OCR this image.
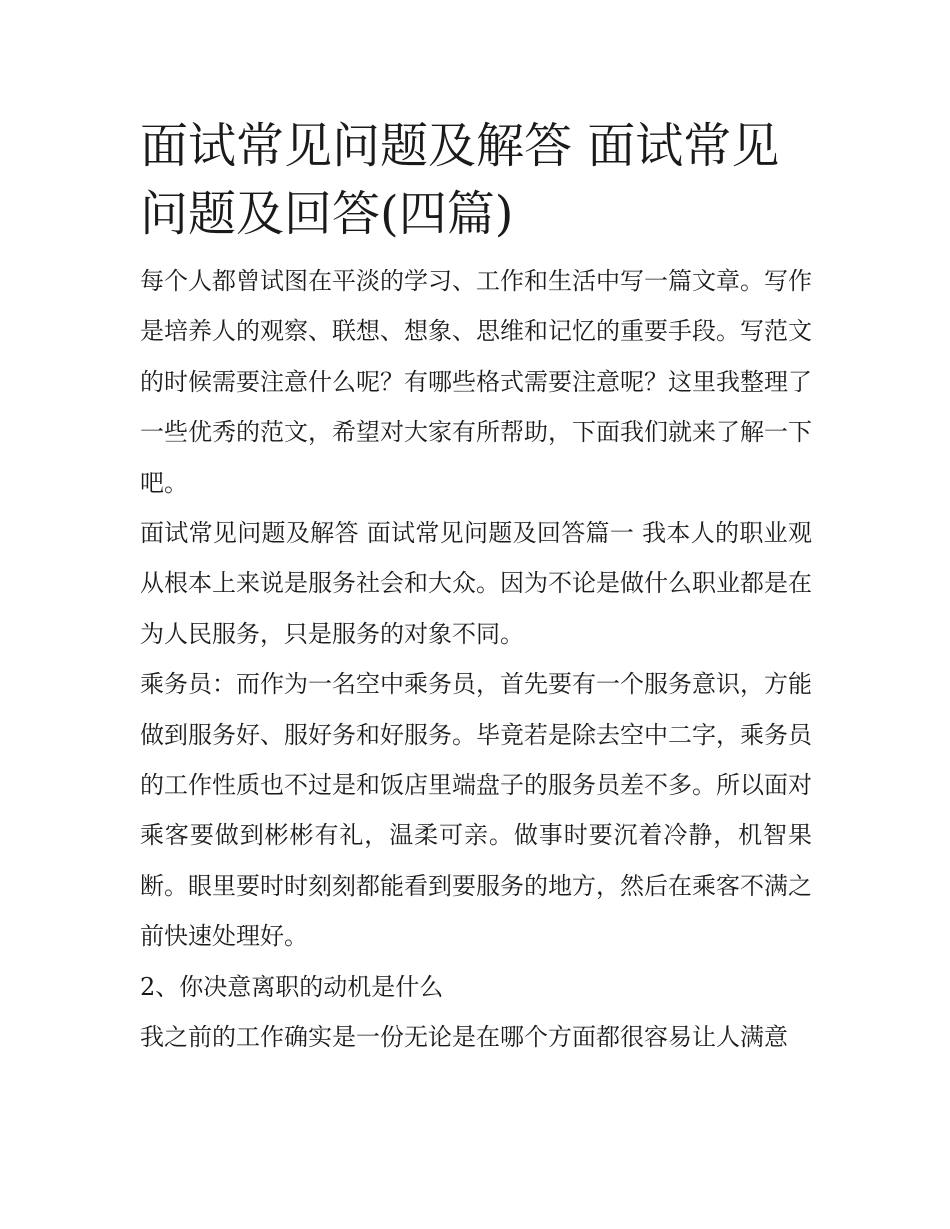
面试常见问题及解答 面试常见问题及回答(四篇)

每个人都曾试图在平淡的学习、工作和生活中写一篇文章。写作是培养人的观察、联想、想象、思维和记忆的重要手段。写范文的时候需要注意什么呢？有哪些格式需要注意呢？这里我整理了一些优秀的范文，希望对大家有所帮助，下面我们就来了解一下吧。

面试常见问题及解答 面试常见问题及回答篇一 我本人的职业观从根本上来说是服务社会和大众。因为不论是做什么职业都是在为人民服务，只是服务的对象不同。

乘务员：而作为一名空中乘务员，首先要有一个服务意识，方能做到服务好、服好务和好服务。毕竟若是除去空中二字，乘务员的工作性质也不过是和饭店里端盘子的服务员差不多。所以面对乘客要做到彬彬有礼，温柔可亲。做事时要沉着冷静，机智果断。眼里要时时刻刻都能看到要服务的地方，然后在乘客不满之前快速处理好。

2、你决意离职的动机是什么

我之前的工作确实是一份无论是在哪个方面都很容易让人满意
